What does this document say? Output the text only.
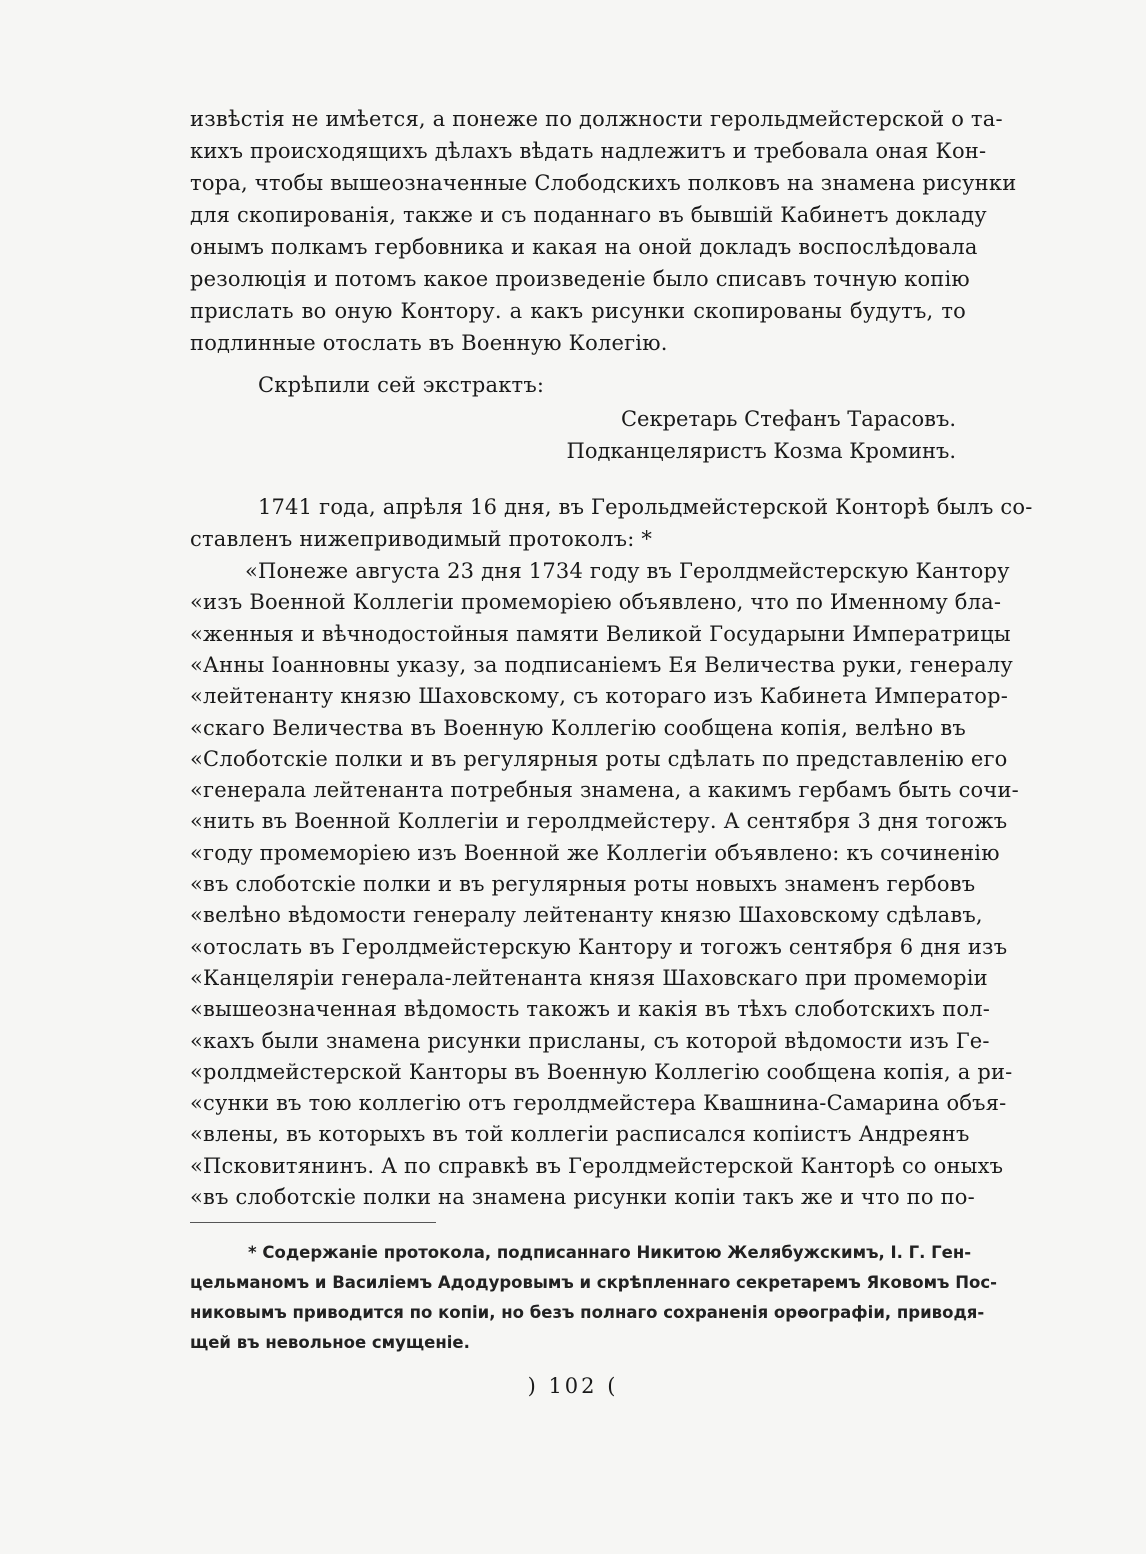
извѣстія не имѣется, а понеже по должности герольдмейстерской о та-
кихъ происходящихъ дѣлахъ вѣдать надлежитъ и требовала оная Кон-
тора, чтобы вышеозначенные Слободскихъ полковъ на знамена рисунки
для скопированія, также и съ поданнаго въ бывшій Кабинетъ докладу
онымъ полкамъ гербовника и какая на оной докладъ воспослѣдовала
резолюція и потомъ какое произведеніе было списавъ точную копію
прислать во оную Контору. а какъ рисунки скопированы будутъ, то
подлинные отослать въ Военную Колегію.
Скрѣпили сей экстрактъ:
Секретарь Стефанъ Тарасовъ.
Подканцеляристъ Козма Кроминъ.
1741 года, апрѣля 16 дня, въ Герольдмейстерской Конторѣ былъ со-
ставленъ нижеприводимый протоколъ: *
«Понеже августа 23 дня 1734 году въ Геролдмейстерскую Кантору
«изъ Военной Коллегіи промеморіею объявлено, что по Именному бла-
«женныя и вѣчнодостойныя памяти Великой Государыни Императрицы
«Анны Іоанновны указу, за подписаніемъ Ея Величества руки, генералу
«лейтенанту князю Шаховскому, съ котораго изъ Кабинета Император-
«скаго Величества въ Военную Коллегію сообщена копія, велѣно въ
«Слоботскіе полки и въ регулярныя роты сдѣлать по представленію его
«генерала лейтенанта потребныя знамена, а какимъ гербамъ быть сочи-
«нить въ Военной Коллегіи и геролдмейстеру. А сентября 3 дня тогожъ
«году промеморіею изъ Военной же Коллегіи объявлено: къ сочиненію
«въ слоботскіе полки и въ регулярныя роты новыхъ знаменъ гербовъ
«велѣно вѣдомости генералу лейтенанту князю Шаховскому сдѣлавъ,
«отослать въ Геролдмейстерскую Кантору и тогожъ сентября 6 дня изъ
«Канцеляріи генерала-лейтенанта князя Шаховскаго при промеморіи
«вышеозначенная вѣдомость такожъ и какія въ тѣхъ слоботскихъ пол-
«кахъ были знамена рисунки присланы, съ которой вѣдомости изъ Ге-
«ролдмейстерской Канторы въ Военную Коллегію сообщена копія, а ри-
«сунки въ тою коллегію отъ геролдмейстера Квашнина-Самарина объя-
«влены, въ которыхъ въ той коллегіи расписался копіистъ Андреянъ
«Псковитянинъ. А по справкѣ въ Геролдмейстерской Канторѣ со оныхъ
«въ слоботскіе полки на знамена рисунки копіи такъ же и что по по-
* Содержаніе протокола, подписаннаго Никитою Желябужскимъ, І. Г. Ген-
цельманомъ и Василіемъ Адодуровымъ и скрѣпленнаго секретаремъ Яковомъ Пос-
никовымъ приводится по копіи, но безъ полнаго сохраненія орѳографіи, приводя-
щей въ невольное смущеніе.
) 102 (
